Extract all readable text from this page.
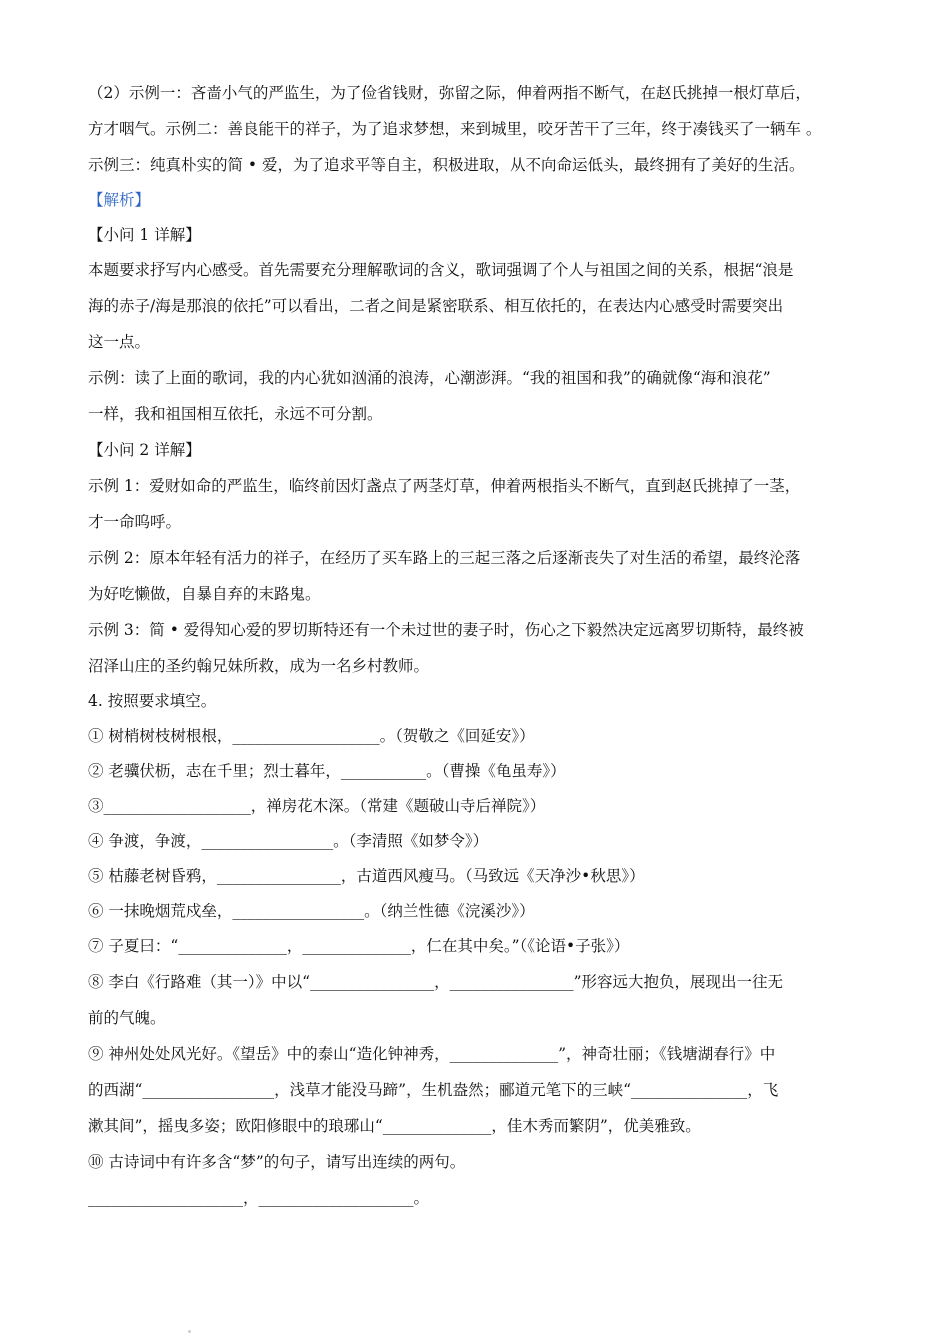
（2）示例一：吝啬小气的严监生，为了俭省钱财，弥留之际，伸着两指不断气，在赵氏挑掉一根灯草后，
方才咽气。示例二：善良能干的祥子，为了追求梦想，来到城里，咬牙苦干了三年，终于凑钱买了一辆车 。
示例三：纯真朴实的简 • 爱，为了追求平等自主，积极进取，从不向命运低头，最终拥有了美好的生活。
【解析】
【小问 1 详解】
本题要求抒写内心感受。首先需要充分理解歌词的含义，歌词强调了个人与祖国之间的关系，根据“浪是
海的赤子/海是那浪的依托”可以看出，二者之间是紧密联系、相互依托的，在表达内心感受时需要突出
这一点。
示例：读了上面的歌词，我的内心犹如汹涌的浪涛，心潮澎湃。“我的祖国和我”的确就像“海和浪花”
一样，我和祖国相互依托，永远不可分割。
【小问 2 详解】
示例 1：爱财如命的严监生，临终前因灯盏点了两茎灯草，伸着两根指头不断气，直到赵氏挑掉了一茎，
才一命呜呼。
示例 2：原本年轻有活力的祥子，在经历了买车路上的三起三落之后逐渐丧失了对生活的希望，最终沦落
为好吃懒做，自暴自弃的末路鬼。
示例 3：简 • 爱得知心爱的罗切斯特还有一个未过世的妻子时，伤心之下毅然决定远离罗切斯特，最终被
沼泽山庄的圣约翰兄妹所救，成为一名乡村教师。
4. 按照要求填空。
① 树梢树枝树根根，___________________。（贺敬之《回延安》）
② 老骥伏枥，志在千里；烈士暮年，___________。（曹操《龟虽寿》）
③___________________，禅房花木深。（常建《题破山寺后禅院》）
④ 争渡，争渡，_________________。（李清照《如梦令》）
⑤ 枯藤老树昏鸦，________________，古道西风瘦马。（马致远《天净沙•秋思》）
⑥ 一抹晚烟荒戍垒，_________________。（纳兰性德《浣溪沙》）
⑦ 子夏曰：“______________，______________，仁在其中矣。”（《论语•子张》）
⑧ 李白《行路难（其一）》中以“________________，________________”形容远大抱负，展现出一往无
前的气魄。
⑨ 神州处处风光好。《望岳》中的泰山“造化钟神秀，______________”，神奇壮丽；《钱塘湖春行》中
的西湖“_________________，浅草才能没马蹄”，生机盎然；郦道元笔下的三峡“_______________，飞
漱其间”，摇曳多姿；欧阳修眼中的琅琊山“______________，佳木秀而繁阴”，优美雅致。
⑩ 古诗词中有许多含“梦”的句子，请写出连续的两句。
____________________，____________________。
